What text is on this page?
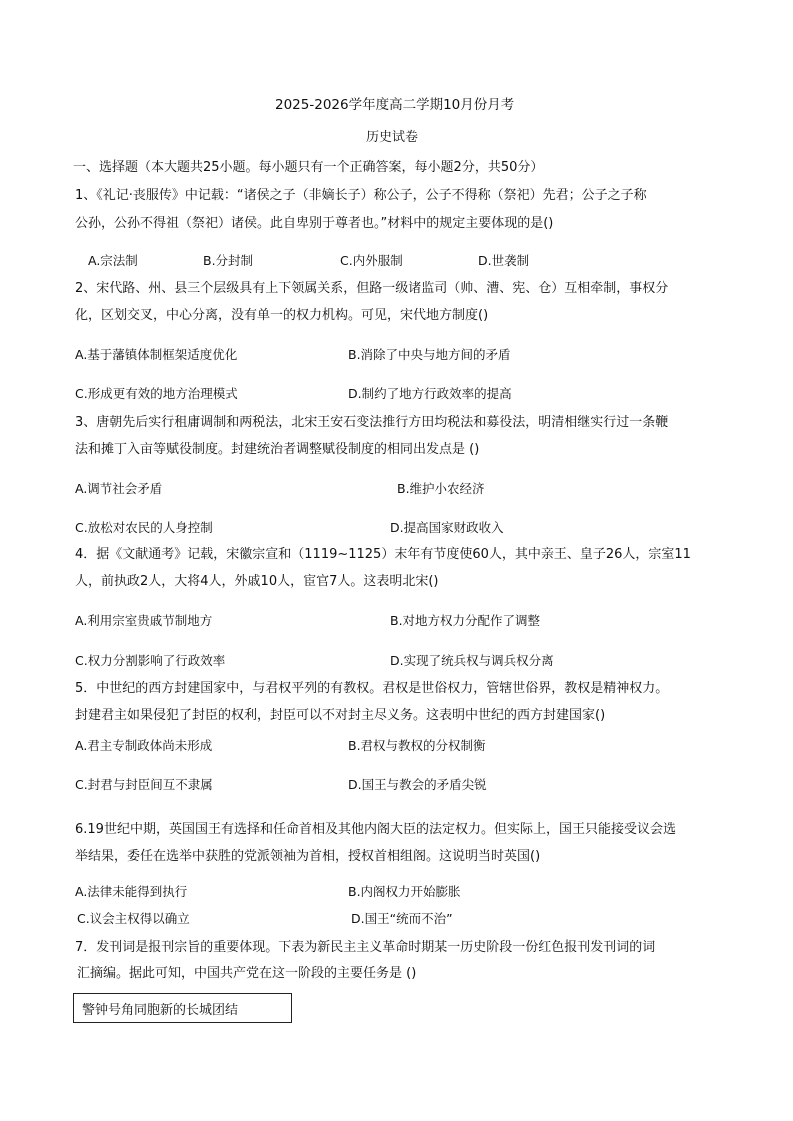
2025-2026学年度高二学期10月份月考
历史试卷
一、选择题（本大题共25小题。每小题只有一个正确答案，每小题2分，共50分）
1、《礼记·丧服传》中记载：“诸侯之子（非嫡长子）称公子，公子不得称（祭祀）先君；公子之子称
公孙，公孙不得祖（祭祀）诸侯。此自卑别于尊者也。”材料中的规定主要体现的是()
A.宗法制	B.分封制	C.内外服制	D.世袭制
2、宋代路、州、县三个层级具有上下领属关系，但路一级诸监司（帅、漕、宪、仓）互相牵制，事权分
化，区划交叉，中心分离，没有单一的权力机构。可见，宋代地方制度()
A.基于藩镇体制框架适度优化	B.消除了中央与地方间的矛盾
C.形成更有效的地方治理模式	D.制约了地方行政效率的提高
3、唐朝先后实行租庸调制和两税法，北宋王安石变法推行方田均税法和募役法，明清相继实行过一条鞭
法和摊丁入亩等赋役制度。封建统治者调整赋役制度的相同出发点是 ()
A.调节社会矛盾	B.维护小农经济
C.放松对农民的人身控制	D.提高国家财政收入
4．据《文献通考》记载，宋徽宗宣和（1119~1125）末年有节度使60人，其中亲王、皇子26人，宗室11
人，前执政2人，大将4人，外戚10人，宦官7人。这表明北宋()
A.利用宗室贵戚节制地方	B.对地方权力分配作了调整
C.权力分割影响了行政效率	D.实现了统兵权与调兵权分离
5．中世纪的西方封建国家中，与君权平列的有教权。君权是世俗权力，管辖世俗界，教权是精神权力。
封建君主如果侵犯了封臣的权利，封臣可以不对封主尽义务。这表明中世纪的西方封建国家()
A.君主专制政体尚未形成	B.君权与教权的分权制衡
C.封君与封臣间互不隶属	D.国王与教会的矛盾尖锐
6.19世纪中期，英国国王有选择和任命首相及其他内阁大臣的法定权力。但实际上，国王只能接受议会选
举结果，委任在选举中获胜的党派领袖为首相，授权首相组阁。这说明当时英国()
A.法律未能得到执行	B.内阁权力开始膨胀
C.议会主权得以确立	D.国王“统而不治”
7．发刊词是报刊宗旨的重要体现。下表为新民主主义革命时期某一历史阶段一份红色报刊发刊词的词
汇摘编。据此可知，中国共产党在这一阶段的主要任务是 ()
警钟号角同胞新的长城团结
